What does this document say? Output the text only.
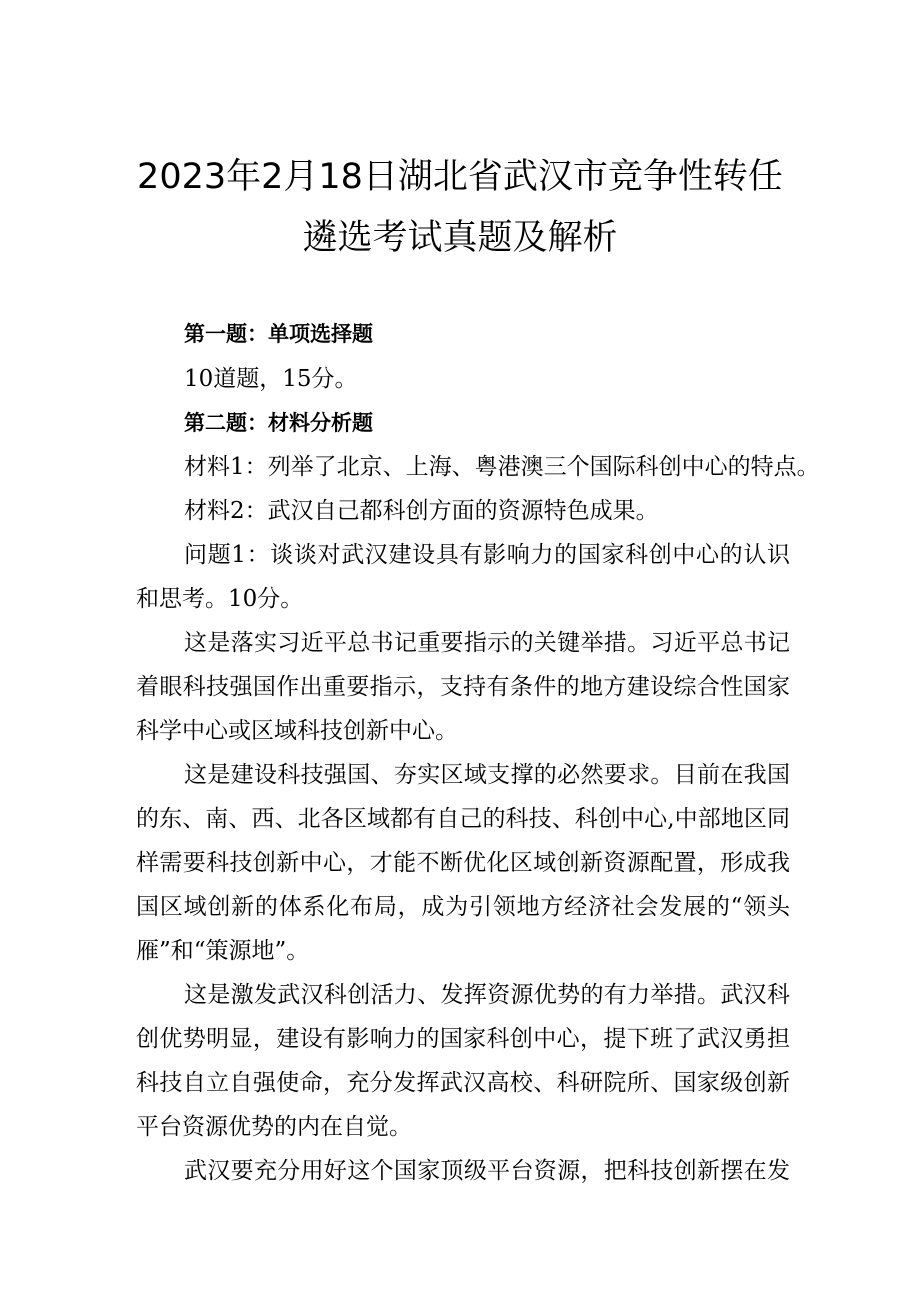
2023年2月18日湖北省武汉市竞争性转任
遴选考试真题及解析
第一题：单项选择题
10道题，15分。
第二题：材料分析题
材料1：列举了北京、上海、粤港澳三个国际科创中心的特点。
材料2：武汉自己都科创方面的资源特色成果。
问题1：谈谈对武汉建设具有影响力的国家科创中心的认识
和思考。10分。
这是落实习近平总书记重要指示的关键举措。习近平总书记
着眼科技强国作出重要指示，支持有条件的地方建设综合性国家
科学中心或区域科技创新中心。
这是建设科技强国、夯实区域支撑的必然要求。目前在我国
的东、南、西、北各区域都有自己的科技、科创中心,中部地区同
样需要科技创新中心，才能不断优化区域创新资源配置，形成我
国区域创新的体系化布局，成为引领地方经济社会发展的“领头
雁”和“策源地”。
这是激发武汉科创活力、发挥资源优势的有力举措。武汉科
创优势明显，建设有影响力的国家科创中心，提下班了武汉勇担
科技自立自强使命，充分发挥武汉高校、科研院所、国家级创新
平台资源优势的内在自觉。
武汉要充分用好这个国家顶级平台资源，把科技创新摆在发
